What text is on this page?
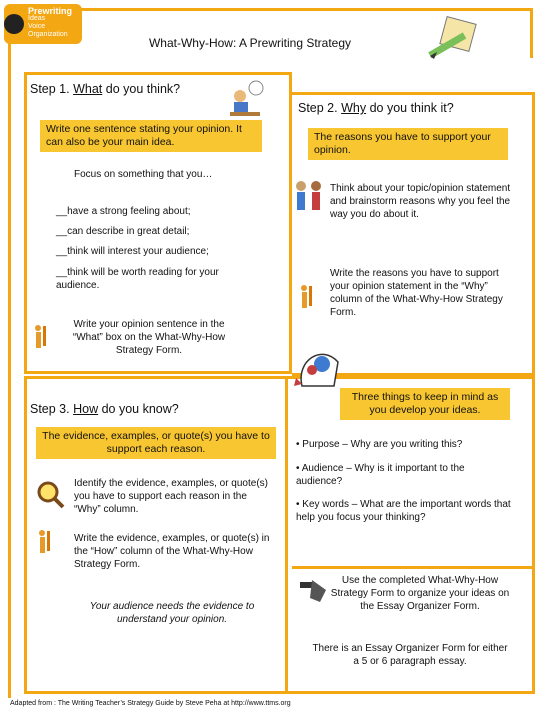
Prewriting
Ideas
Voice
Organization
What-Why-How: A Prewriting Strategy
Step 1. What do you think?
Write one sentence stating your opinion. It can also be your main idea.
Focus on something that you…
__have a strong feeling about;
__can describe in great detail;
__think will interest your audience;
__think will be worth reading for your audience.
Write your opinion sentence in the “What” box on the What-Why-How Strategy Form.
Step 2. Why do you think it?
The reasons you have to support your opinion.
Think about your topic/opinion statement and brainstorm reasons why you feel the way you do about it.
Write the reasons you have to support your opinion statement in the “Why” column of the What-Why-How Strategy Form.
Step 3. How do you know?
The evidence, examples, or quote(s) you have to support each reason.
Identify the evidence, examples, or quote(s) you have to support each reason in the “Why” column.
Write the evidence, examples, or quote(s) in the “How” column of the What-Why-How Strategy Form.
Your audience needs the evidence to understand your opinion.
Three things to keep in mind as you develop your ideas.
• Purpose – Why are you writing this?
• Audience – Why is it important to the audience?
• Key words – What are the important words that help you focus your thinking?
Use the completed What-Why-How Strategy Form to organize your ideas on the Essay Organizer Form.
There is an Essay Organizer Form for either a 5 or 6 paragraph essay.
Adapted from : The Writing Teacher’s Strategy Guide by Steve Peha at http://www.ttms.org
